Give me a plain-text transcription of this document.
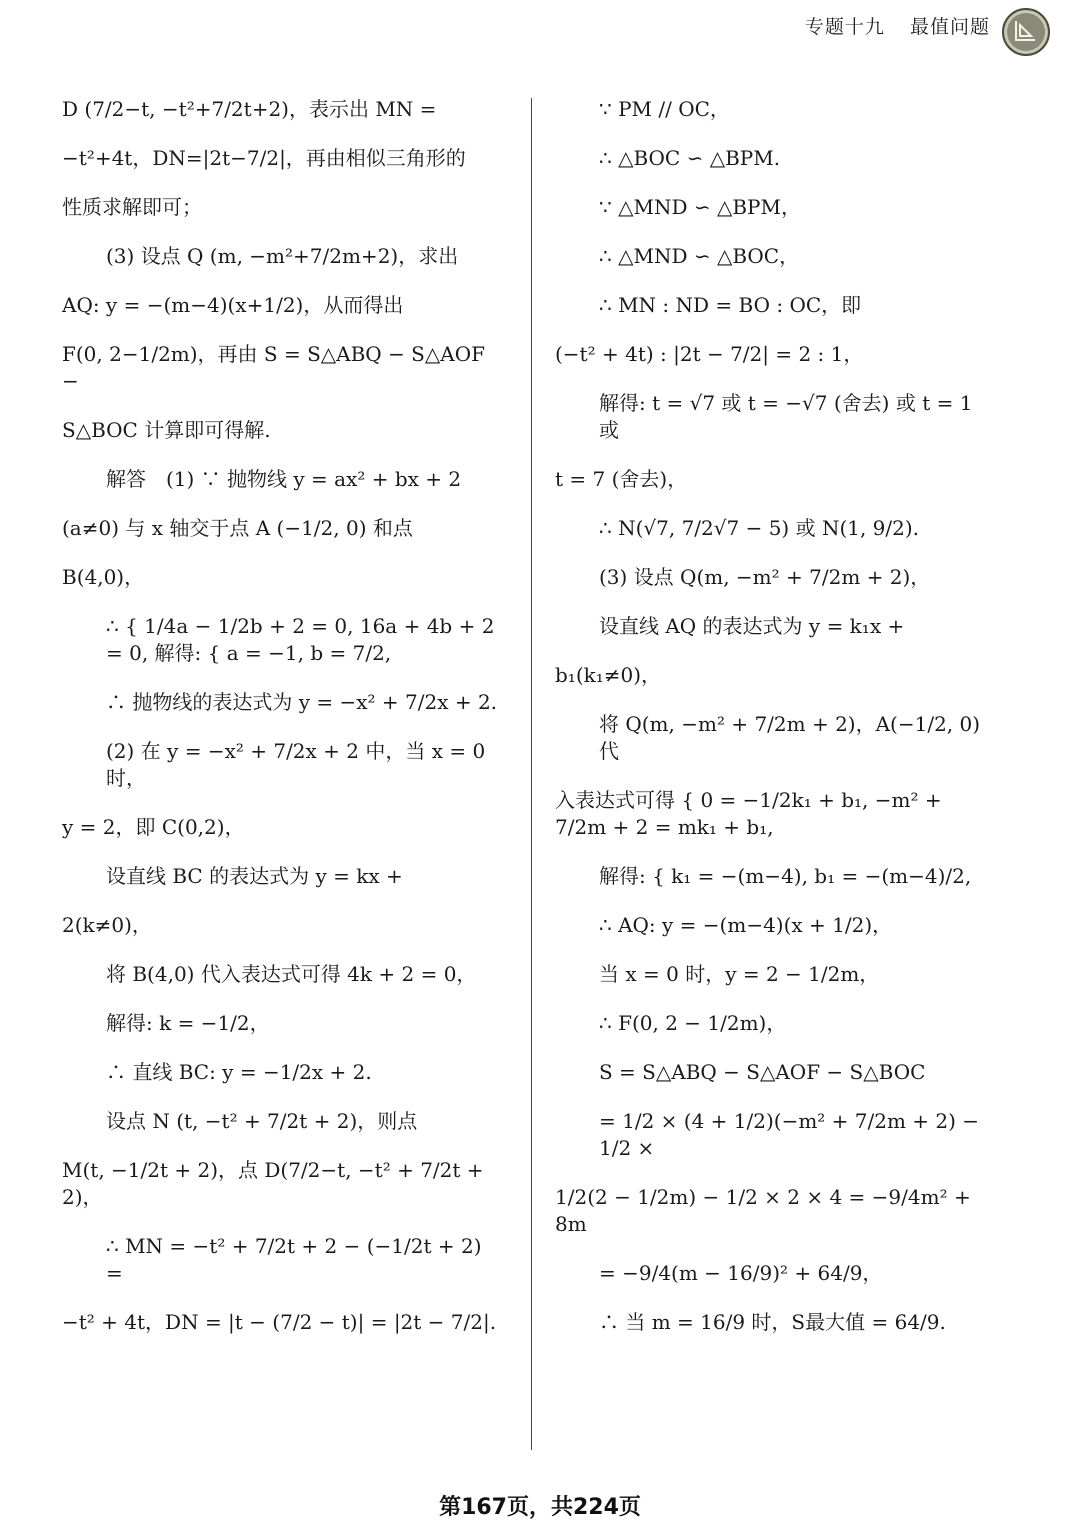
专题十九 最值问题

D (7/2−t, −t²+7/2t+2)，表示出 MN =

−t²+4t，DN=|2t−7/2|，再由相似三角形的

性质求解即可；

(3) 设点 Q (m, −m²+7/2m+2)，求出

AQ: y = −(m−4)(x+1/2)，从而得出

F(0, 2−1/2m)，再由 S = S△ABQ − S△AOF −

S△BOC 计算即可得解.

解答　(1) ∵ 抛物线 y = ax² + bx + 2

(a≠0) 与 x 轴交于点 A (−1/2, 0) 和点

B(4,0)，

∴ { 1/4a − 1/2b + 2 = 0, 16a + 4b + 2 = 0, 解得: { a = −1, b = 7/2,

∴ 抛物线的表达式为 y = −x² + 7/2x + 2.

(2) 在 y = −x² + 7/2x + 2 中，当 x = 0 时，

y = 2，即 C(0,2)，

设直线 BC 的表达式为 y = kx +

2(k≠0)，

将 B(4,0) 代入表达式可得 4k + 2 = 0，

解得: k = −1/2，

∴ 直线 BC: y = −1/2x + 2.

设点 N (t, −t² + 7/2t + 2)，则点

M(t, −1/2t + 2)，点 D(7/2−t, −t² + 7/2t + 2)，

∴ MN = −t² + 7/2t + 2 − (−1/2t + 2) =

−t² + 4t，DN = |t − (7/2 − t)| = |2t − 7/2|.

∵ PM // OC，

∴ △BOC ∽ △BPM.

∵ △MND ∽ △BPM，

∴ △MND ∽ △BOC，

∴ MN : ND = BO : OC，即

(−t² + 4t) : |2t − 7/2| = 2 : 1，

解得: t = √7 或 t = −√7 (舍去) 或 t = 1 或

t = 7 (舍去)，

∴ N(√7, 7/2√7 − 5) 或 N(1, 9/2).

(3) 设点 Q(m, −m² + 7/2m + 2)，

设直线 AQ 的表达式为 y = k₁x +

b₁(k₁≠0)，

将 Q(m, −m² + 7/2m + 2)，A(−1/2, 0) 代

入表达式可得 { 0 = −1/2k₁ + b₁, −m² + 7/2m + 2 = mk₁ + b₁,

解得: { k₁ = −(m−4), b₁ = −(m−4)/2,

∴ AQ: y = −(m−4)(x + 1/2)，

当 x = 0 时，y = 2 − 1/2m，

∴ F(0, 2 − 1/2m)，

S = S△ABQ − S△AOF − S△BOC

= 1/2 × (4 + 1/2)(−m² + 7/2m + 2) − 1/2 ×

1/2(2 − 1/2m) − 1/2 × 2 × 4 = −9/4m² + 8m

= −9/4(m − 16/9)² + 64/9，

∴ 当 m = 16/9 时，S最大值 = 64/9.

第167页，共224页
